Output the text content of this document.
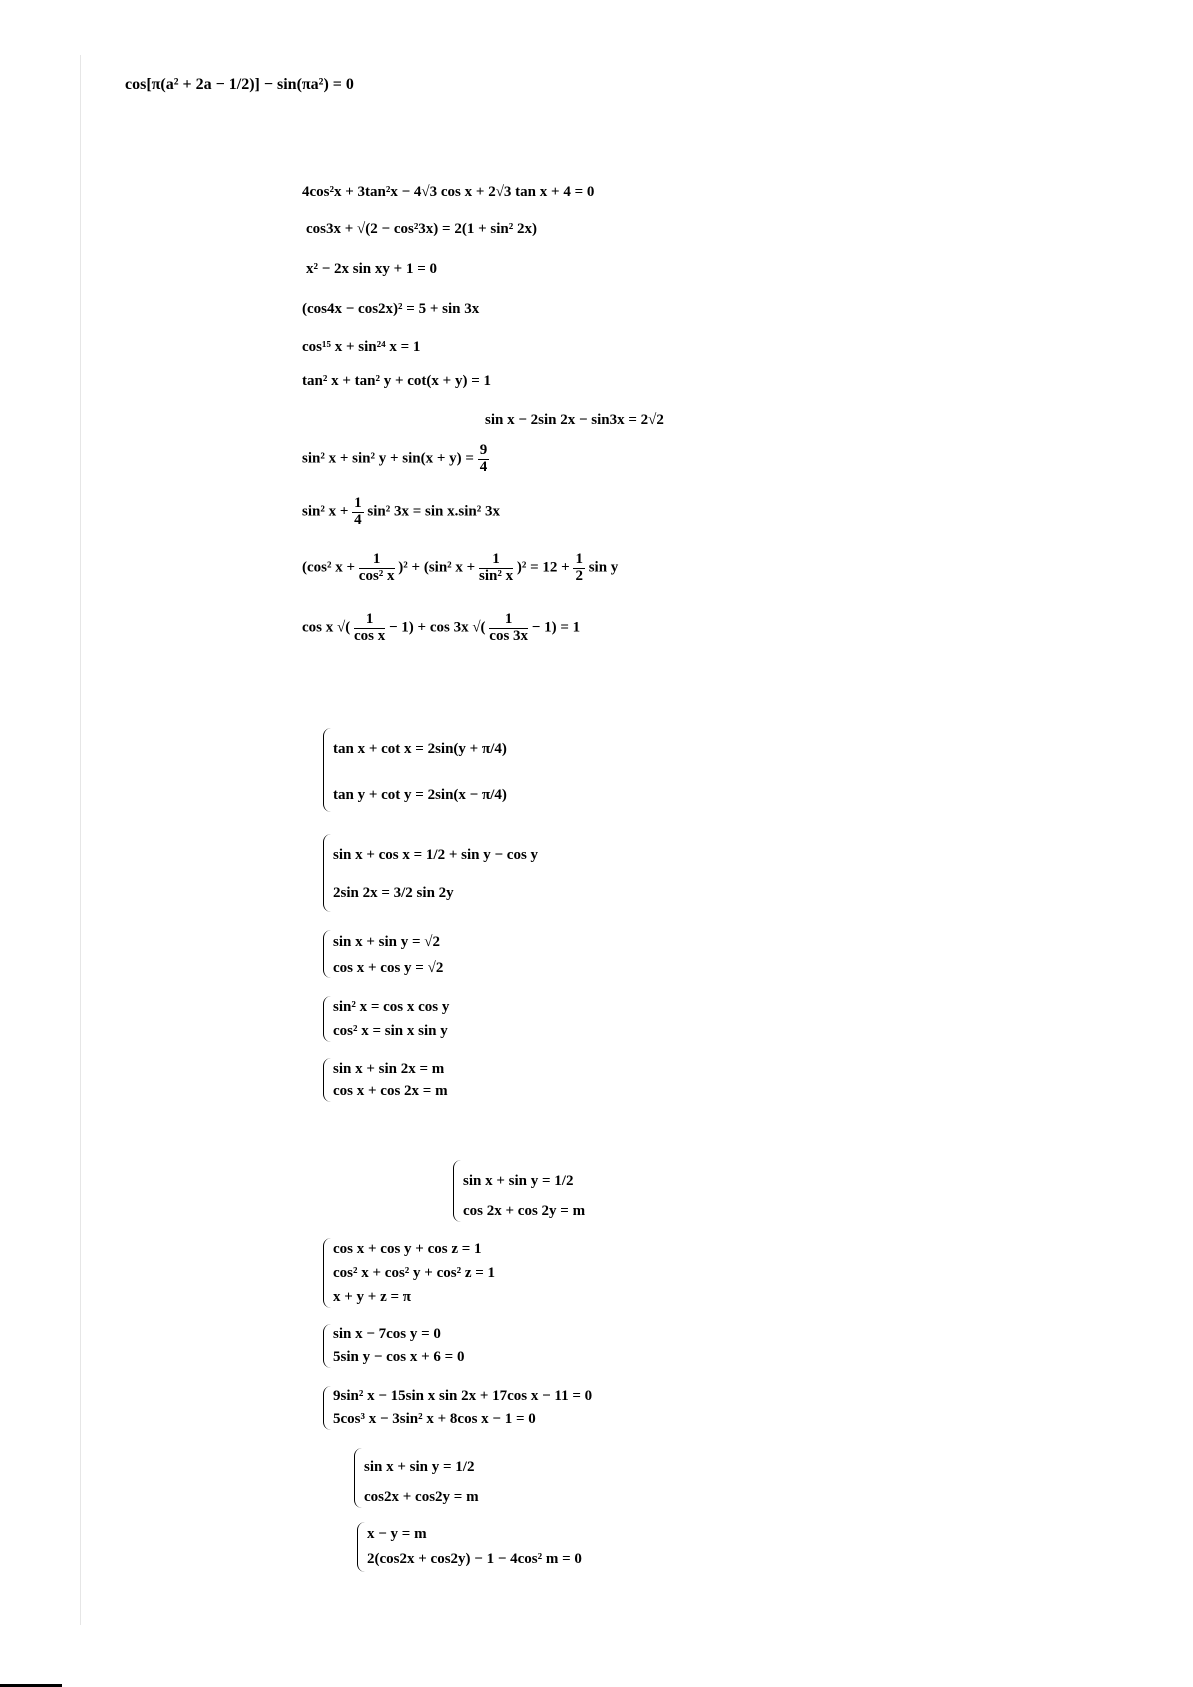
cos[π(a² + 2a − 1/2)] − sin(πa²) = 0
4cos²x + 3tan²x − 4√3 cos x + 2√3 tan x + 4 = 0
cos3x + √(2 − cos²3x) = 2(1 + sin² 2x)
x² − 2x sin xy + 1 = 0
(cos4x − cos2x)² = 5 + sin 3x
cos¹⁵ x + sin²⁴ x = 1
tan² x + tan² y + cot(x + y) = 1
sin x − 2sin 2x − sin3x = 2√2
sin² x + sin² $y + \sin(x + y) = \frac{9}{4}$
sin² $x + \frac{1}{4} \sin^2$ 3x = sin x.sin² 3x
(cos² $x + \frac{1}{\text{cos² x}} )^2 + (\sin^2$ $x + \frac{1}{\text{sin² x}} )^2 = 12 + \frac{1}{2}$ sin y
cos x √( $\frac{1}{\text{cos x}} - 1) + \cos 3x$ √( $\frac{1}{\cos 3x} - 1) = 1$
tan x + cot x = 2sin(y + π/4)
tan y + cot y = 2sin(x − π/4)
sin x + cos x = 1/2 + sin y − cos y
2sin 2x = 3/2 sin 2y
sin x + sin y = √2
cos x + cos y = √2
sin² x = cos x cos y
cos² x = sin x sin y
sin x + sin 2x = m
cos x + cos 2x = m
sin x + sin y = 1/2
cos 2x + cos 2y = m
cos x + cos y + cos z = 1
cos² x + cos² y + cos² z = 1
x + y + z = π
sin x − 7cos y = 0
5sin y − cos x + 6 = 0
9sin² x − 15sin x sin 2x + 17cos x − 11 = 0
5cos³ x − 3sin² x + 8cos x − 1 = 0
sin x + sin y = 1/2
cos2x + cos2y = m
x − y = m
2(cos2x + cos2y) − 1 − 4cos² m = 0
